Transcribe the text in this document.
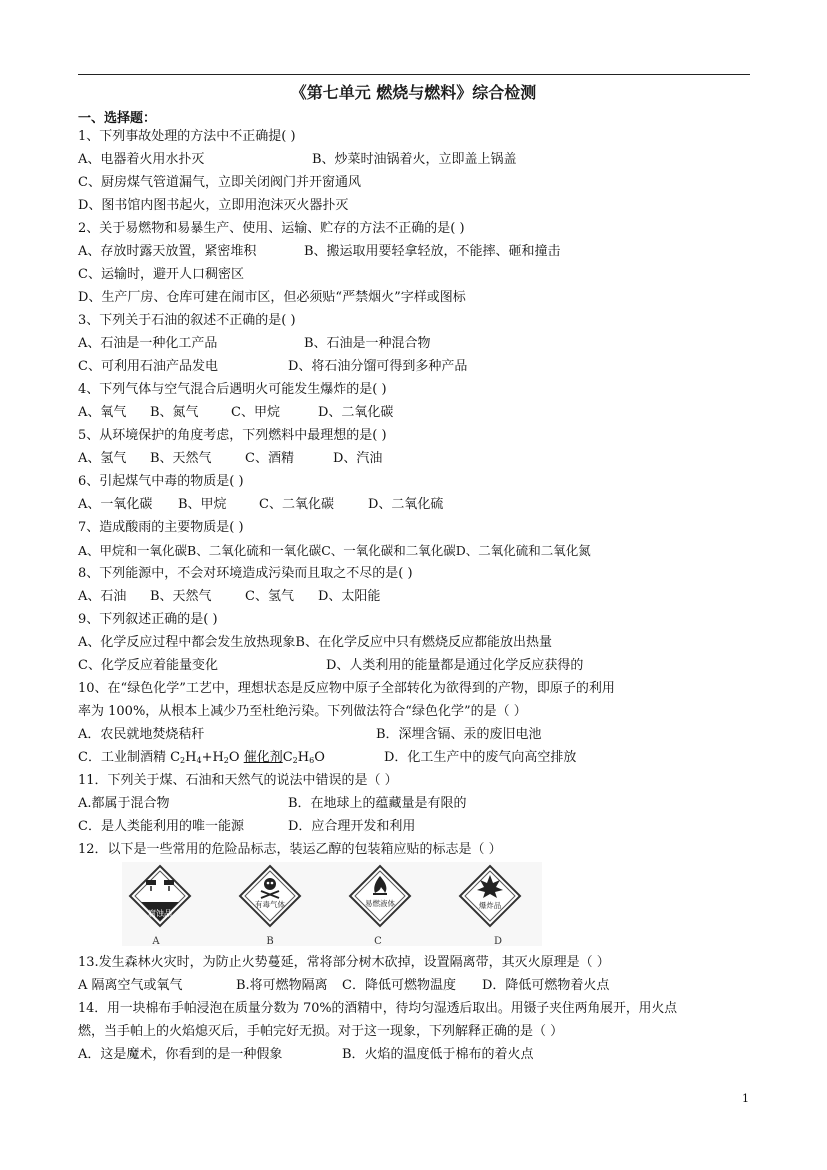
《第七单元 燃烧与燃料》综合检测
一、选择题：
1、下列事故处理的方法中不正确提( )
A、电器着火用水扑灭	B、炒菜时油锅着火，立即盖上锅盖
C、厨房煤气管道漏气，立即关闭阀门并开窗通风
D、图书馆内图书起火，立即用泡沫灭火器扑灭
2、关于易燃物和易暴生产、使用、运输、贮存的方法不正确的是( )
A、存放时露天放置，紧密堆积	B、搬运取用要轻拿轻放，不能摔、砸和撞击
C、运输时，避开人口稠密区
D、生产厂房、仓库可建在闹市区，但必须贴“严禁烟火”字样或图标
3、下列关于石油的叙述不正确的是( )
A、石油是一种化工产品	B、石油是一种混合物
C、可利用石油产品发电	D、将石油分馏可得到多种产品
4、下列气体与空气混合后遇明火可能发生爆炸的是( )
A、氧气 B、氮气 C、甲烷	D、二氧化碳
5、从环境保护的角度考虑，下列燃料中最理想的是( )
A、氢气 B、天然气	C、酒精	D、汽油
6、引起煤气中毒的物质是( )
A、一氧化碳 B、甲烷 C、二氧化碳	D、二氧化硫
7、造成酸雨的主要物质是( )
A、甲烷和一氧化碳B、二氧化硫和一氧化碳C、一氧化碳和二氧化碳D、二氧化硫和二氧化氮
8、下列能源中，不会对环境造成污染而且取之不尽的是( )
A、石油 B、天然气	C、氢气 D、太阳能
9、下列叙述正确的是( )
A、化学反应过程中都会发生放热现象B、在化学反应中只有燃烧反应都能放出热量
C、化学反应着能量变化	D、人类利用的能量都是通过化学反应获得的
10、在“绿色化学”工艺中，理想状态是反应物中原子全部转化为欲得到的产物，即原子的利用
率为 100%，从根本上减少乃至杜绝污染。下列做法符合“绿色化学”的是（ ）
A．农民就地焚烧秸秆	B．深埋含镉、汞的废旧电池
C．工业制酒精 $C_2H_4+H_2O$ 催化剂$C_2H_6O$	D．化工生产中的废气向高空排放
11．下列关于煤、石油和天然气的说法中错误的是（ ）
A.都属于混合物	B．在地球上的蕴藏量是有限的
C．是人类能利用的唯一能源	D．应合理开发和利用
12．以下是一些常用的危险品标志，装运乙醇的包装箱应贴的标志是（ ）
腐蚀品
有毒气体	易燃液体	爆炸品
A	B	C	D
13.发生森林火灾时，为防止火势蔓延，常将部分树木砍掉，设置隔离带，其灭火原理是（ ）
A 隔离空气或氧气	B.将可燃物隔离 C．降低可燃物温度 D．降低可燃物着火点
14．用一块棉布手帕浸泡在质量分数为 70%的酒精中，待均匀湿透后取出。用镊子夹住两角展开，用火点
燃，当手帕上的火焰熄灭后，手帕完好无损。对于这一现象，下列解释正确的是（ ）
A．这是魔术，你看到的是一种假象	B．火焰的温度低于棉布的着火点
1
